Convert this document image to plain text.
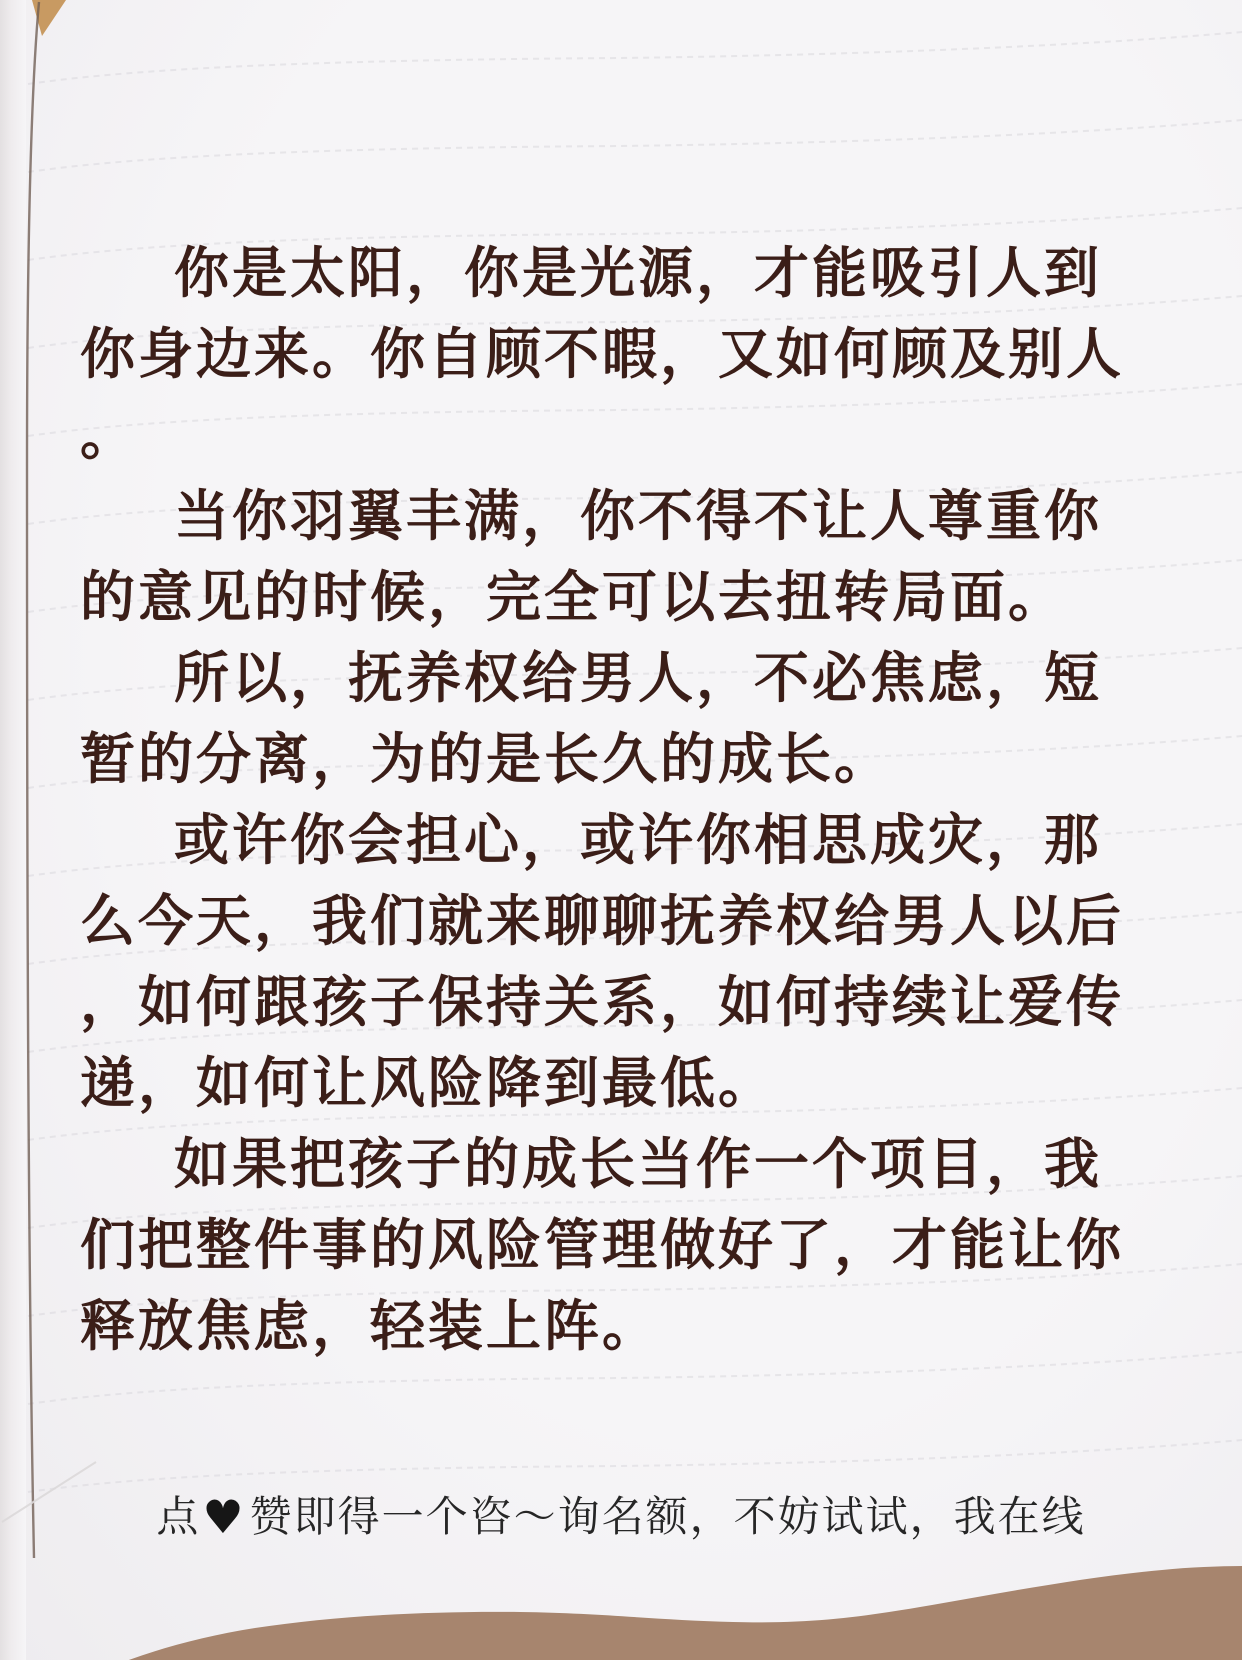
你是太阳，你是光源，才能吸引人到
你身边来。你自顾不暇，又如何顾及别人
。
当你羽翼丰满，你不得不让人尊重你
的意见的时候，完全可以去扭转局面。
所以，抚养权给男人，不必焦虑，短
暂的分离，为的是长久的成长。
或许你会担心，或许你相思成灾，那
么今天，我们就来聊聊抚养权给男人以后
，如何跟孩子保持关系，如何持续让爱传
递，如何让风险降到最低。
如果把孩子的成长当作一个项目，我
们把整件事的风险管理做好了，才能让你
释放焦虑，轻装上阵。
点♥赞即得一个咨～询名额，不妨试试，我在线
